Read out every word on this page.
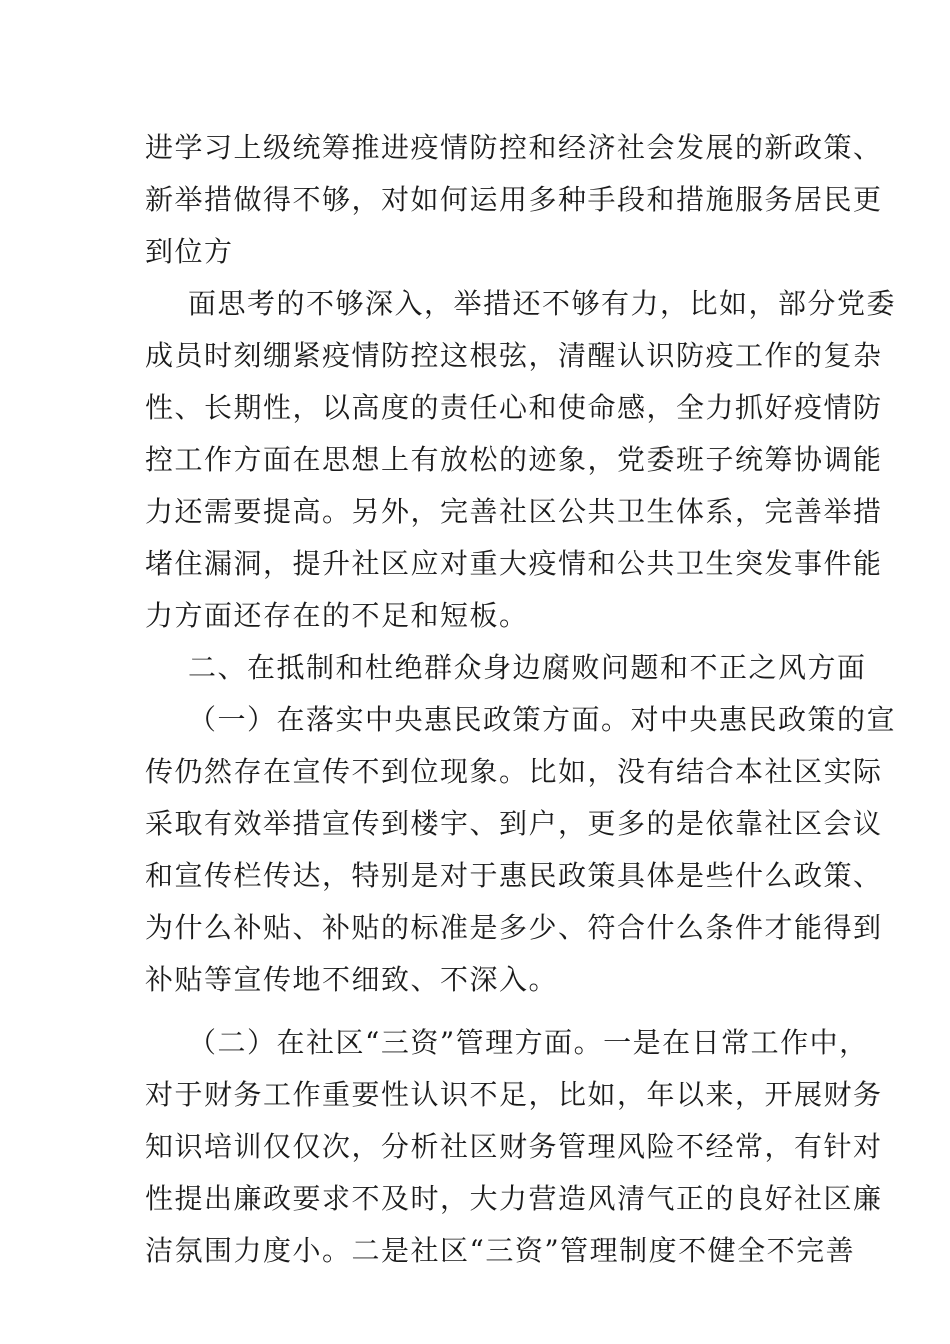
进学习上级统筹推进疫情防控和经济社会发展的新政策、
新举措做得不够，对如何运用多种手段和措施服务居民更
到位方
面思考的不够深入，举措还不够有力，比如，部分党委
成员时刻绷紧疫情防控这根弦，清醒认识防疫工作的复杂
性、长期性，以高度的责任心和使命感，全力抓好疫情防
控工作方面在思想上有放松的迹象，党委班子统筹协调能
力还需要提高。另外，完善社区公共卫生体系，完善举措
堵住漏洞，提升社区应对重大疫情和公共卫生突发事件能
力方面还存在的不足和短板。
二、在抵制和杜绝群众身边腐败问题和不正之风方面
（一）在落实中央惠民政策方面。对中央惠民政策的宣
传仍然存在宣传不到位现象。比如，没有结合本社区实际
采取有效举措宣传到楼宇、到户，更多的是依靠社区会议
和宣传栏传达，特别是对于惠民政策具体是些什么政策、
为什么补贴、补贴的标准是多少、符合什么条件才能得到
补贴等宣传地不细致、不深入。
（二）在社区“三资”管理方面。一是在日常工作中，
对于财务工作重要性认识不足，比如，年以来，开展财务
知识培训仅仅次，分析社区财务管理风险不经常，有针对
性提出廉政要求不及时，大力营造风清气正的良好社区廉
洁氛围力度小。二是社区“三资”管理制度不健全不完善
